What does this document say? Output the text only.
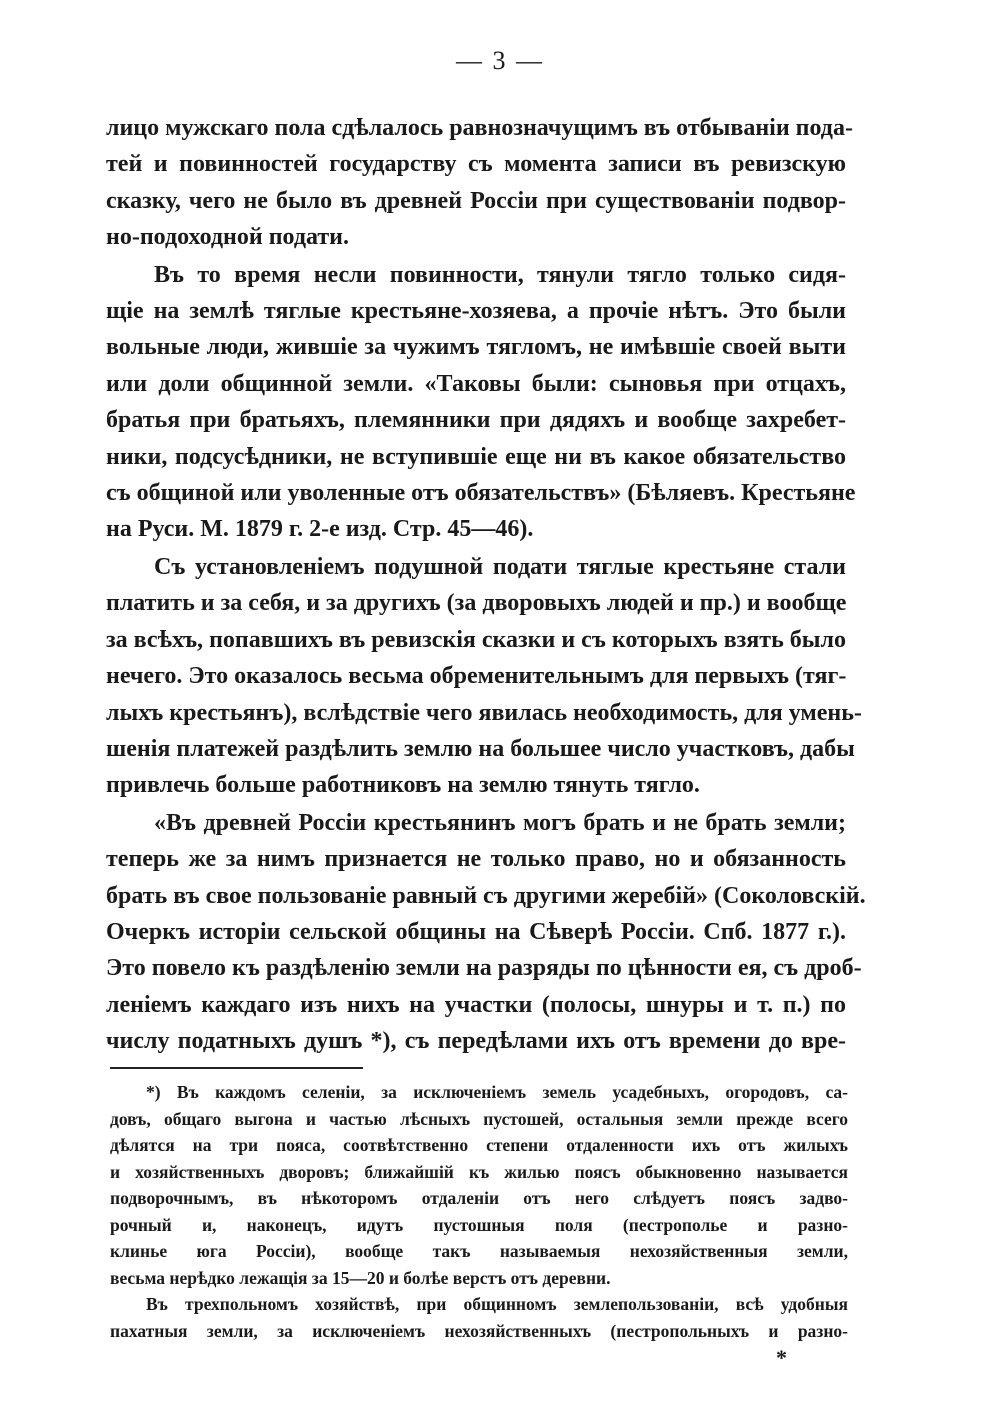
— 3 —
лицо мужскаго пола сдѣлалось равнозначущимъ въ отбываніи пода-
тей и повинностей государству съ момента записи въ ревизскую
сказку, чего не было въ древней Россіи при существованіи подвор-
но-подоходной подати.
Въ то время несли повинности, тянули тягло только сидя-
щіе на землѣ тяглые крестьяне-хозяева, а прочіе нѣтъ. Это были
вольные люди, жившіе за чужимъ тягломъ, не имѣвшіе своей выти
или доли общинной земли. «Таковы были: сыновья при отцахъ,
братья при братьяхъ, племянники при дядяхъ и вообще захребет-
ники, подсусѣдники, не вступившіе еще ни въ какое обязательство
съ общиной или уволенные отъ обязательствъ» (Бѣляевъ. Крестьяне
на Руси. М. 1879 г. 2-е изд. Стр. 45—46).
Съ установленіемъ подушной подати тяглые крестьяне стали
платить и за себя, и за другихъ (за дворовыхъ людей и пр.) и вообще
за всѣхъ, попавшихъ въ ревизскія сказки и съ которыхъ взять было
нечего. Это оказалось весьма обременительнымъ для первыхъ (тяг-
лыхъ крестьянъ), вслѣдствіе чего явилась необходимость, для умень-
шенія платежей раздѣлить землю на большее число участковъ, дабы
привлечь больше работниковъ на землю тянуть тягло.
«Въ древней Россіи крестьянинъ могъ брать и не брать земли;
теперь же за нимъ признается не только право, но и обязанность
брать въ свое пользованіе равный съ другими жеребій» (Соколовскій.
Очеркъ исторіи сельской общины на Сѣверѣ Россіи. Спб. 1877 г.).
Это повело къ раздѣленію земли на разряды по цѣнности ея, съ дроб-
леніемъ каждаго изъ нихъ на участки (полосы, шнуры и т. п.) по
числу податныхъ душъ *), съ передѣлами ихъ отъ времени до вре-
*) Въ каждомъ селеніи, за исключеніемъ земель усадебныхъ, огородовъ, са-
довъ, общаго выгона и частью лѣсныхъ пустошей, остальныя земли прежде всего
дѣлятся на три пояса, соотвѣтственно степени отдаленности ихъ отъ жилыхъ
и хозяйственныхъ дворовъ; ближайшій къ жилью поясъ обыкновенно называется
подворочнымъ, въ нѣкоторомъ отдаленіи отъ него слѣдуетъ поясъ задво-
рочный и, наконецъ, идутъ пустошныя поля (пестрополье и разно-
клинье юга Россіи), вообще такъ называемыя нехозяйственныя земли,
весьма нерѣдко лежащія за 15—20 и болѣе верстъ отъ деревни.
Въ трехпольномъ хозяйствѣ, при общинномъ землепользованіи, всѣ удобныя
пахатныя земли, за исключеніемъ нехозяйственныхъ (пестропольныхъ и разно-
*
